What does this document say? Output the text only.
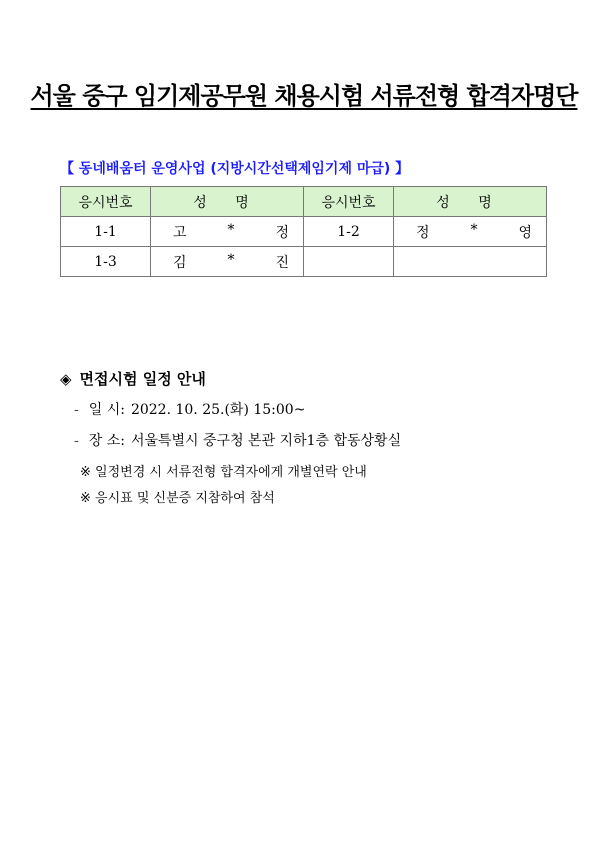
서울 중구 임기제공무원 채용시험 서류전형 합격자명단
【 동네배움터 운영사업 (지방시간선택제임기제 마급) 】
응시번호	성 명	응시번호	성 명
1-1	고 * 정	1-2	정 * 영

1-3	김 * 진		

◈ 면접시험 일정 안내
- 일 시: 2022. 10. 25.(화) 15:00~
- 장 소: 서울특별시 중구청 본관 지하1층 합동상황실
※ 일정변경 시 서류전형 합격자에게 개별연락 안내
※ 응시표 및 신분증 지참하여 참석
